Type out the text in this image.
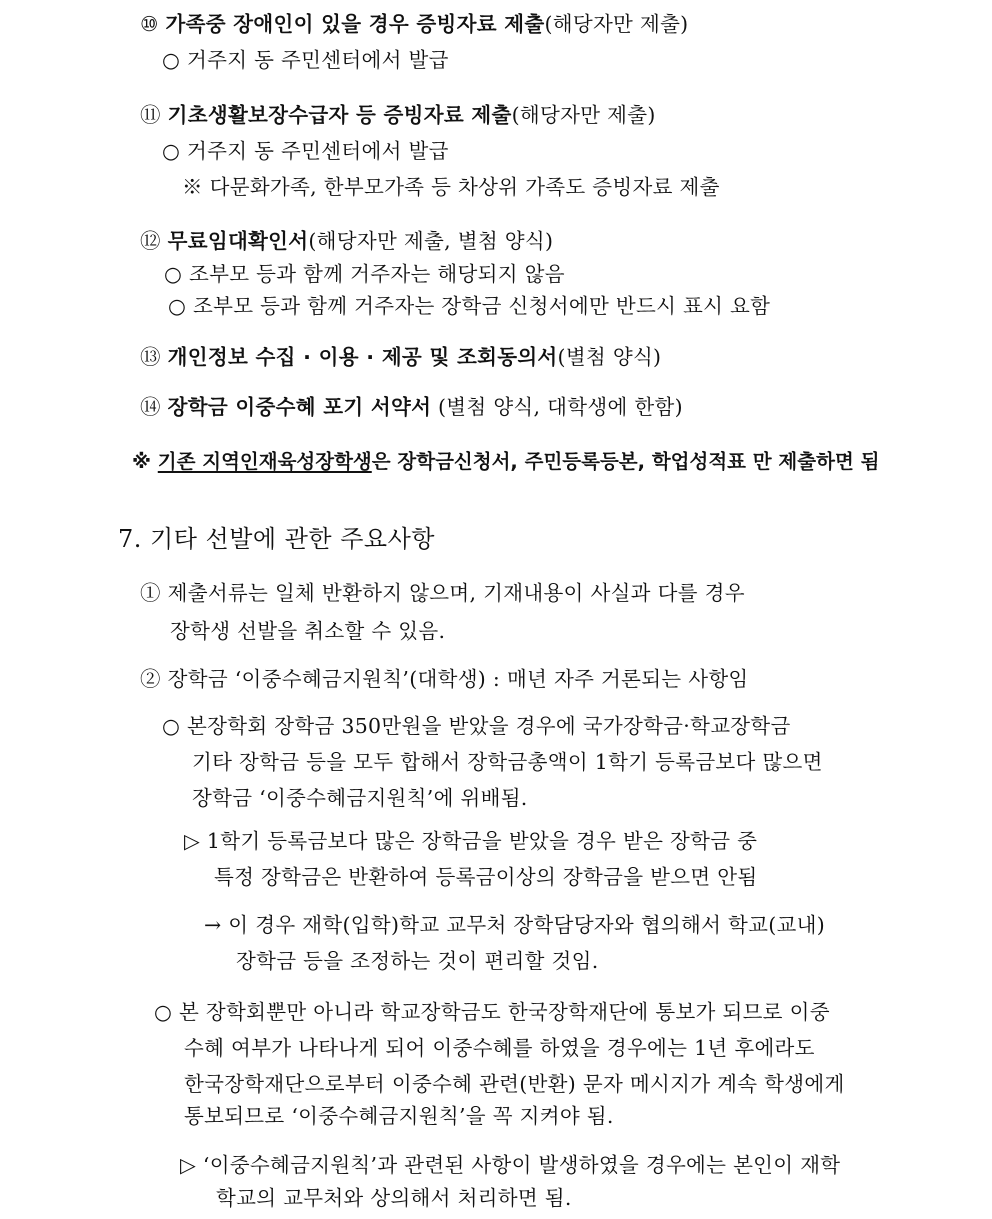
⑩ 가족중 장애인이 있을 경우 증빙자료 제출(해당자만 제출)
○ 거주지 동 주민센터에서 발급
⑪ 기초생활보장수급자 등 증빙자료 제출(해당자만 제출)
○ 거주지 동 주민센터에서 발급
※ 다문화가족, 한부모가족 등 차상위 가족도 증빙자료 제출
⑫ 무료임대확인서(해당자만 제출, 별첨 양식)
○ 조부모 등과 함께 거주자는 해당되지 않음
○ 조부모 등과 함께 거주자는 장학금 신청서에만 반드시 표시 요함
⑬ 개인정보 수집 · 이용 · 제공 및 조회동의서(별첨 양식)
⑭ 장학금 이중수혜 포기 서약서 (별첨 양식, 대학생에 한함)
※ 기존 지역인재육성장학생은 장학금신청서, 주민등록등본, 학업성적표 만 제출하면 됨
7. 기타 선발에 관한 주요사항
① 제출서류는 일체 반환하지 않으며, 기재내용이 사실과 다를 경우
장학생 선발을 취소할 수 있음.
② 장학금 ‘이중수혜금지원칙’(대학생) : 매년 자주 거론되는 사항임
○ 본장학회 장학금 350만원을 받았을 경우에 국가장학금·학교장학금
기타 장학금 등을 모두 합해서 장학금총액이 1학기 등록금보다 많으면
장학금 ‘이중수혜금지원칙’에 위배됨.
▷ 1학기 등록금보다 많은 장학금을 받았을 경우 받은 장학금 중
특정 장학금은 반환하여 등록금이상의 장학금을 받으면 안됨
→ 이 경우 재학(입학)학교 교무처 장학담당자와 협의해서 학교(교내)
장학금 등을 조정하는 것이 편리할 것임.
○ 본 장학회뿐만 아니라 학교장학금도 한국장학재단에 통보가 되므로 이중
수혜 여부가 나타나게 되어 이중수혜를 하였을 경우에는 1년 후에라도
한국장학재단으로부터 이중수혜 관련(반환) 문자 메시지가 계속 학생에게
통보되므로 ‘이중수혜금지원칙’을 꼭 지켜야 됨.
▷ ‘이중수혜금지원칙’과 관련된 사항이 발생하였을 경우에는 본인이 재학
학교의 교무처와 상의해서 처리하면 됨.
